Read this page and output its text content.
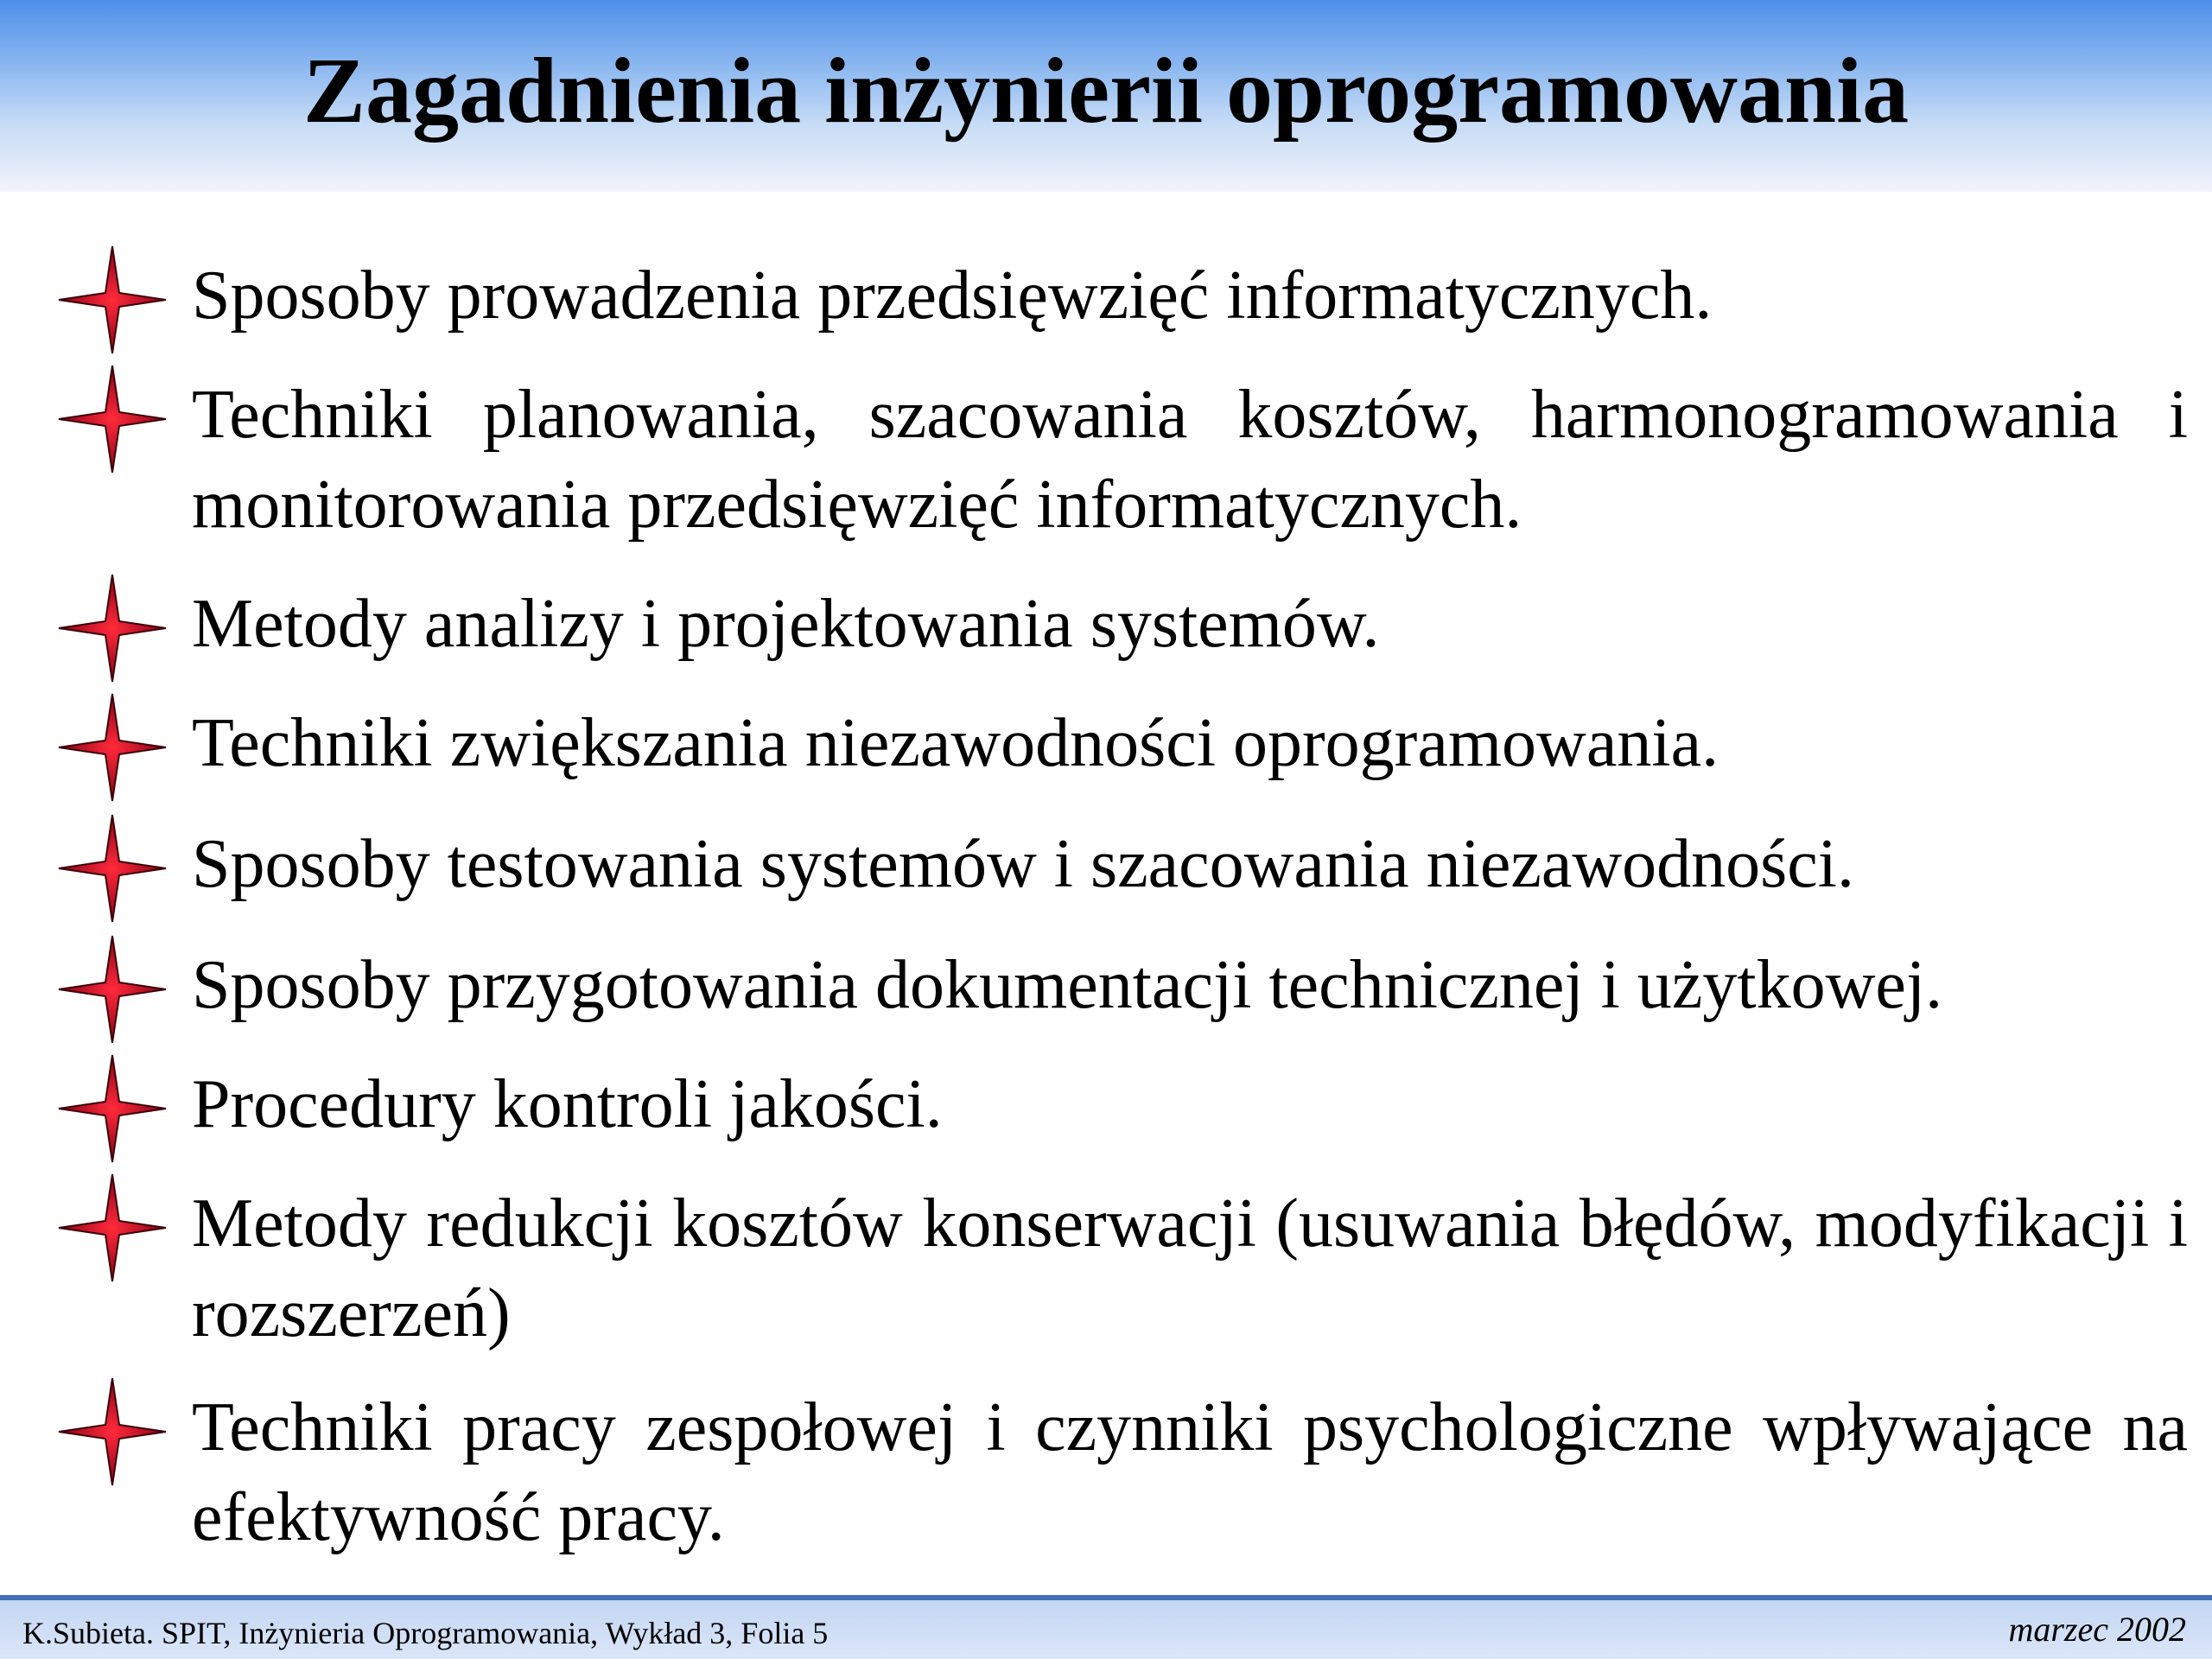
Zagadnienia inżynierii oprogramowania
Sposoby prowadzenia przedsięwzięć informatycznych.
Techniki planowania, szacowania kosztów, harmonogramowania i monitorowania przedsięwzięć informatycznych.
Metody analizy i projektowania systemów.
Techniki zwiększania niezawodności oprogramowania.
Sposoby testowania systemów i szacowania niezawodności.
Sposoby przygotowania dokumentacji technicznej i użytkowej.
Procedury kontroli jakości.
Metody redukcji kosztów konserwacji (usuwania błędów, modyfikacji i rozszerzeń)
Techniki pracy zespołowej i czynniki psychologiczne wpływające na efektywność pracy.
K.Subieta. SPIT, Inżynieria Oprogramowania, Wykład 3, Folia 5	marzec 2002
